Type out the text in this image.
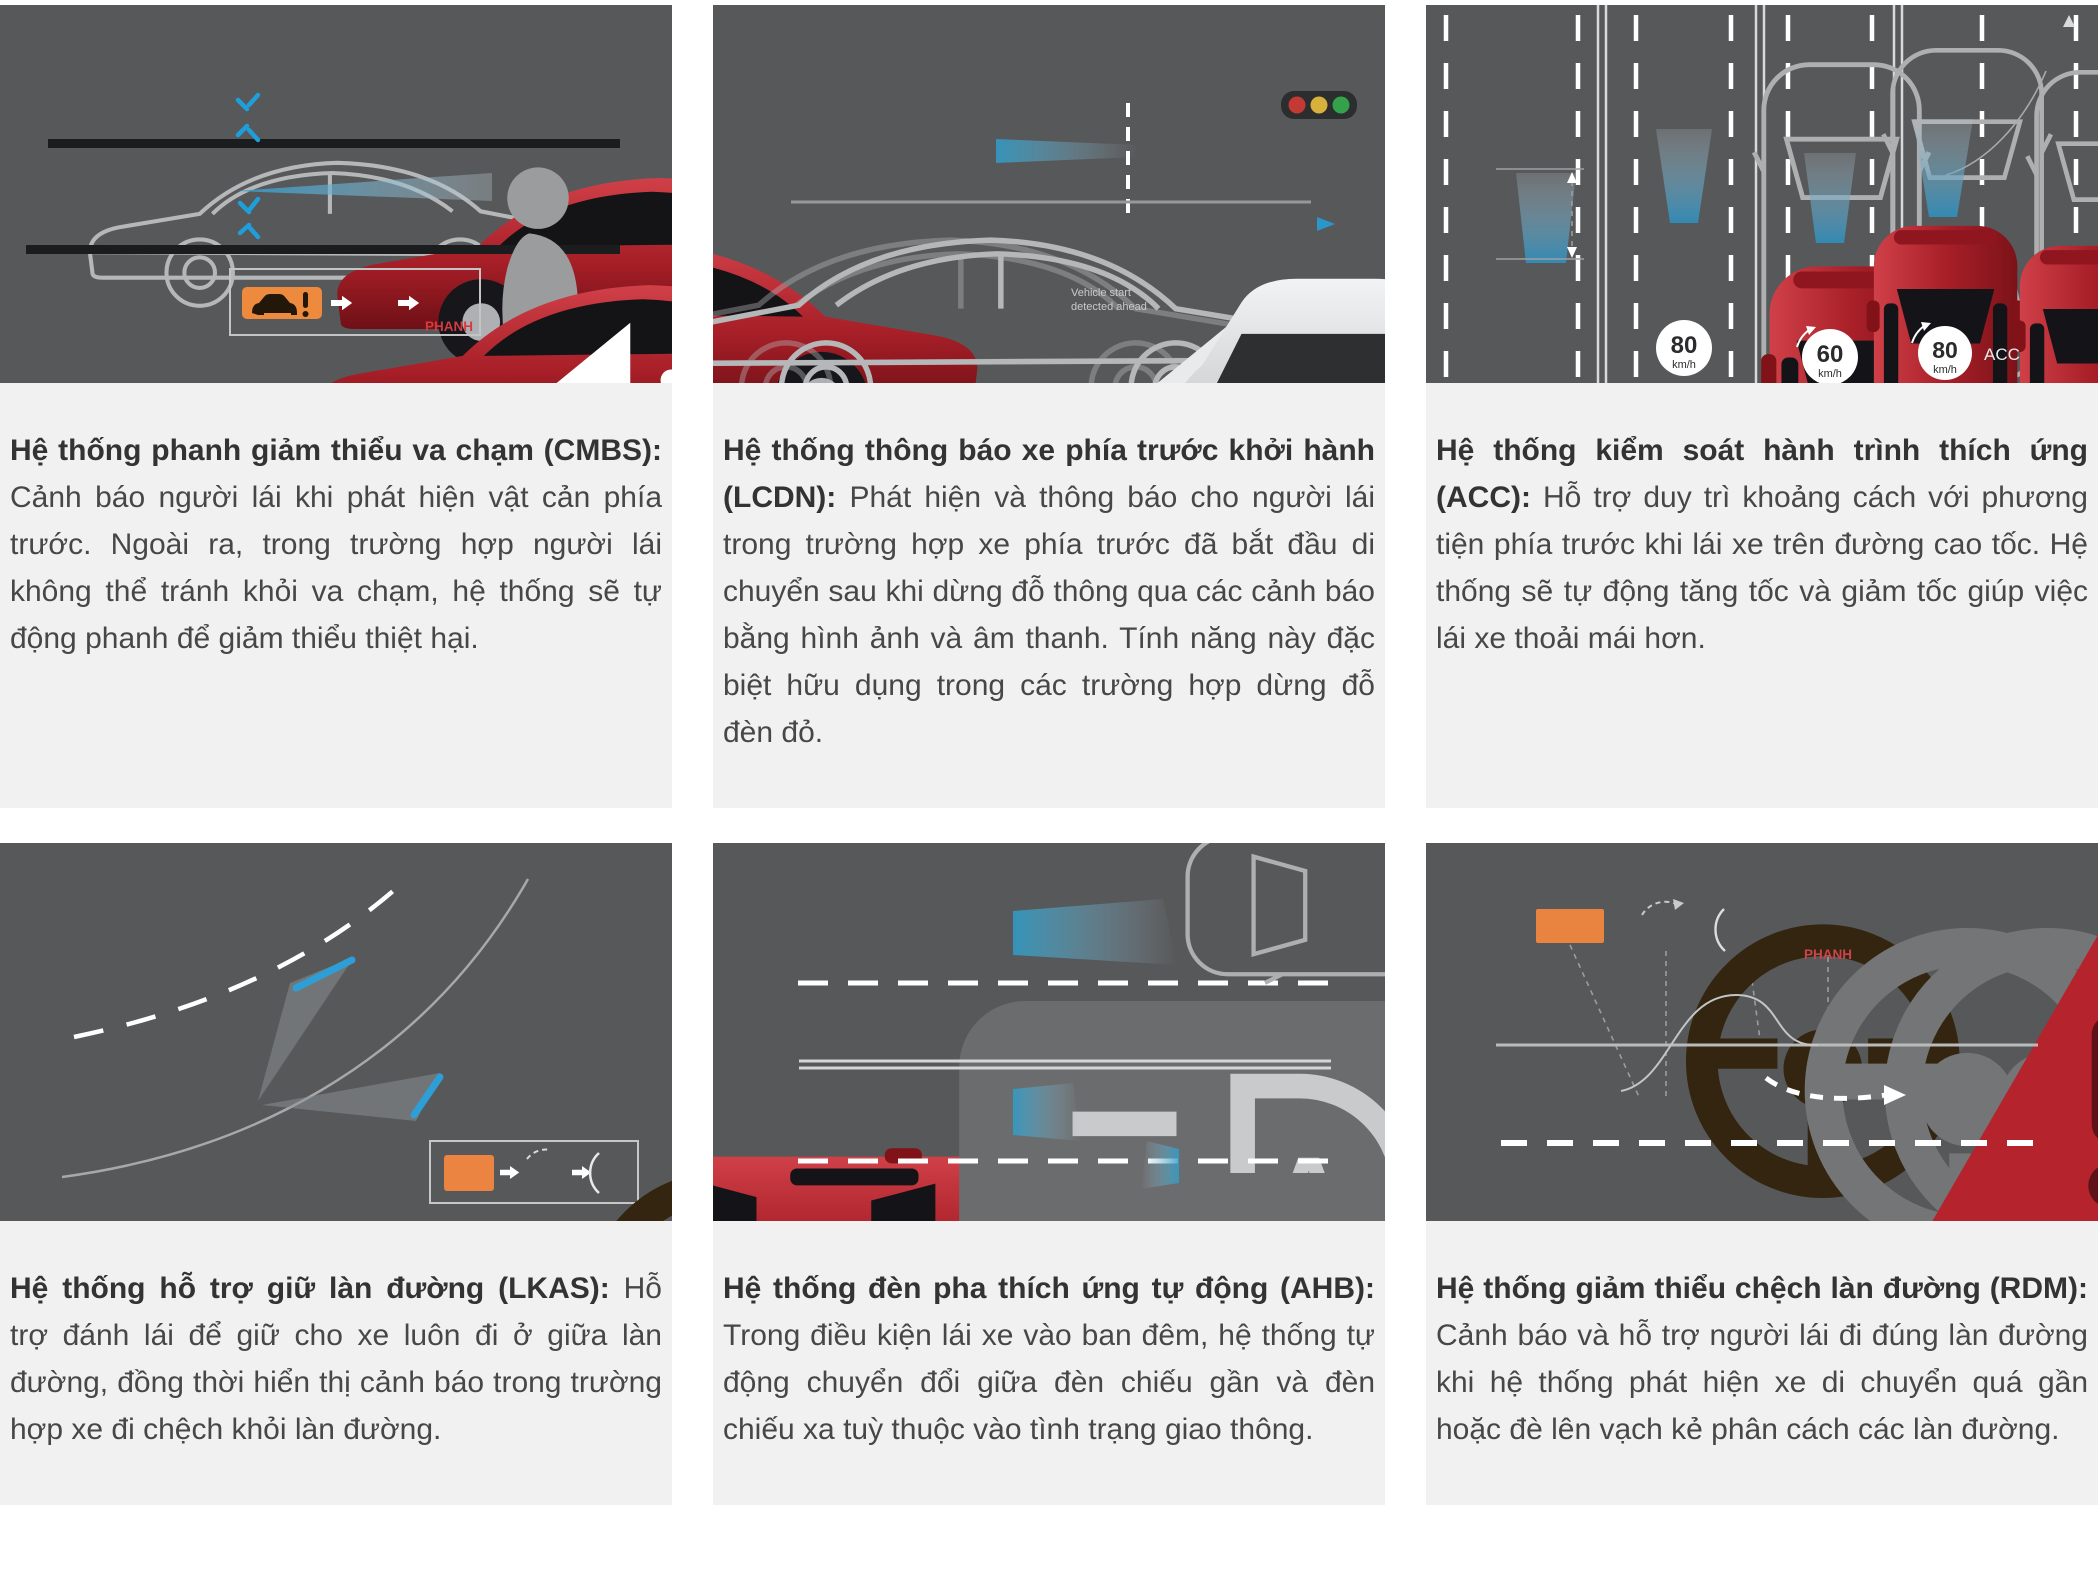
PHANH

Hệ thống phanh giảm thiểu va chạm (CMBS):Cảnh báo người lái khi phát hiện vật cản phía trước. Ngoài ra, trong trường hợp người lái không thể tránh khỏi va chạm, hệ thống sẽ tự động phanh để giảm thiểu thiệt hại.

Vehicle start
detected ahead

Hệ thống thông báo xe phía trước khởi hành (LCDN): Phát hiện và thông báo cho người lái trong trường hợp xe phía trước đã bắt đầu di chuyển sau khi dừng đỗ thông qua các cảnh báo bằng hình ảnh và âm thanh. Tính năng này đặc biệt hữu dụng trong các trường hợp dừng đỗ đèn đỏ.

80
km/h	60
km/h
80
km/h
ACC

Hệ thống kiểm soát hành trình thích ứng (ACC): Hỗ trợ duy trì khoảng cách với phương tiện phía trước khi lái xe trên đường cao tốc. Hệ thống sẽ tự động tăng tốc và giảm tốc giúp việc lái xe thoải mái hơn.

Hệ thống hỗ trợ giữ làn đường (LKAS): Hỗ trợ đánh lái để giữ cho xe luôn đi ở giữa làn đường, đồng thời hiển thị cảnh báo trong trường hợp xe đi chệch khỏi làn đường.

Hệ thống đèn pha thích ứng tự động (AHB):Trong điều kiện lái xe vào ban đêm, hệ thống tự động chuyển đổi giữa đèn chiếu gần và đèn chiếu xa tuỳ thuộc vào tình trạng giao thông.

PHANH

Hệ thống giảm thiểu chệch làn đường (RDM):Cảnh báo và hỗ trợ người lái đi đúng làn đường khi hệ thống phát hiện xe di chuyển quá gần hoặc đè lên vạch kẻ phân cách các làn đường.
